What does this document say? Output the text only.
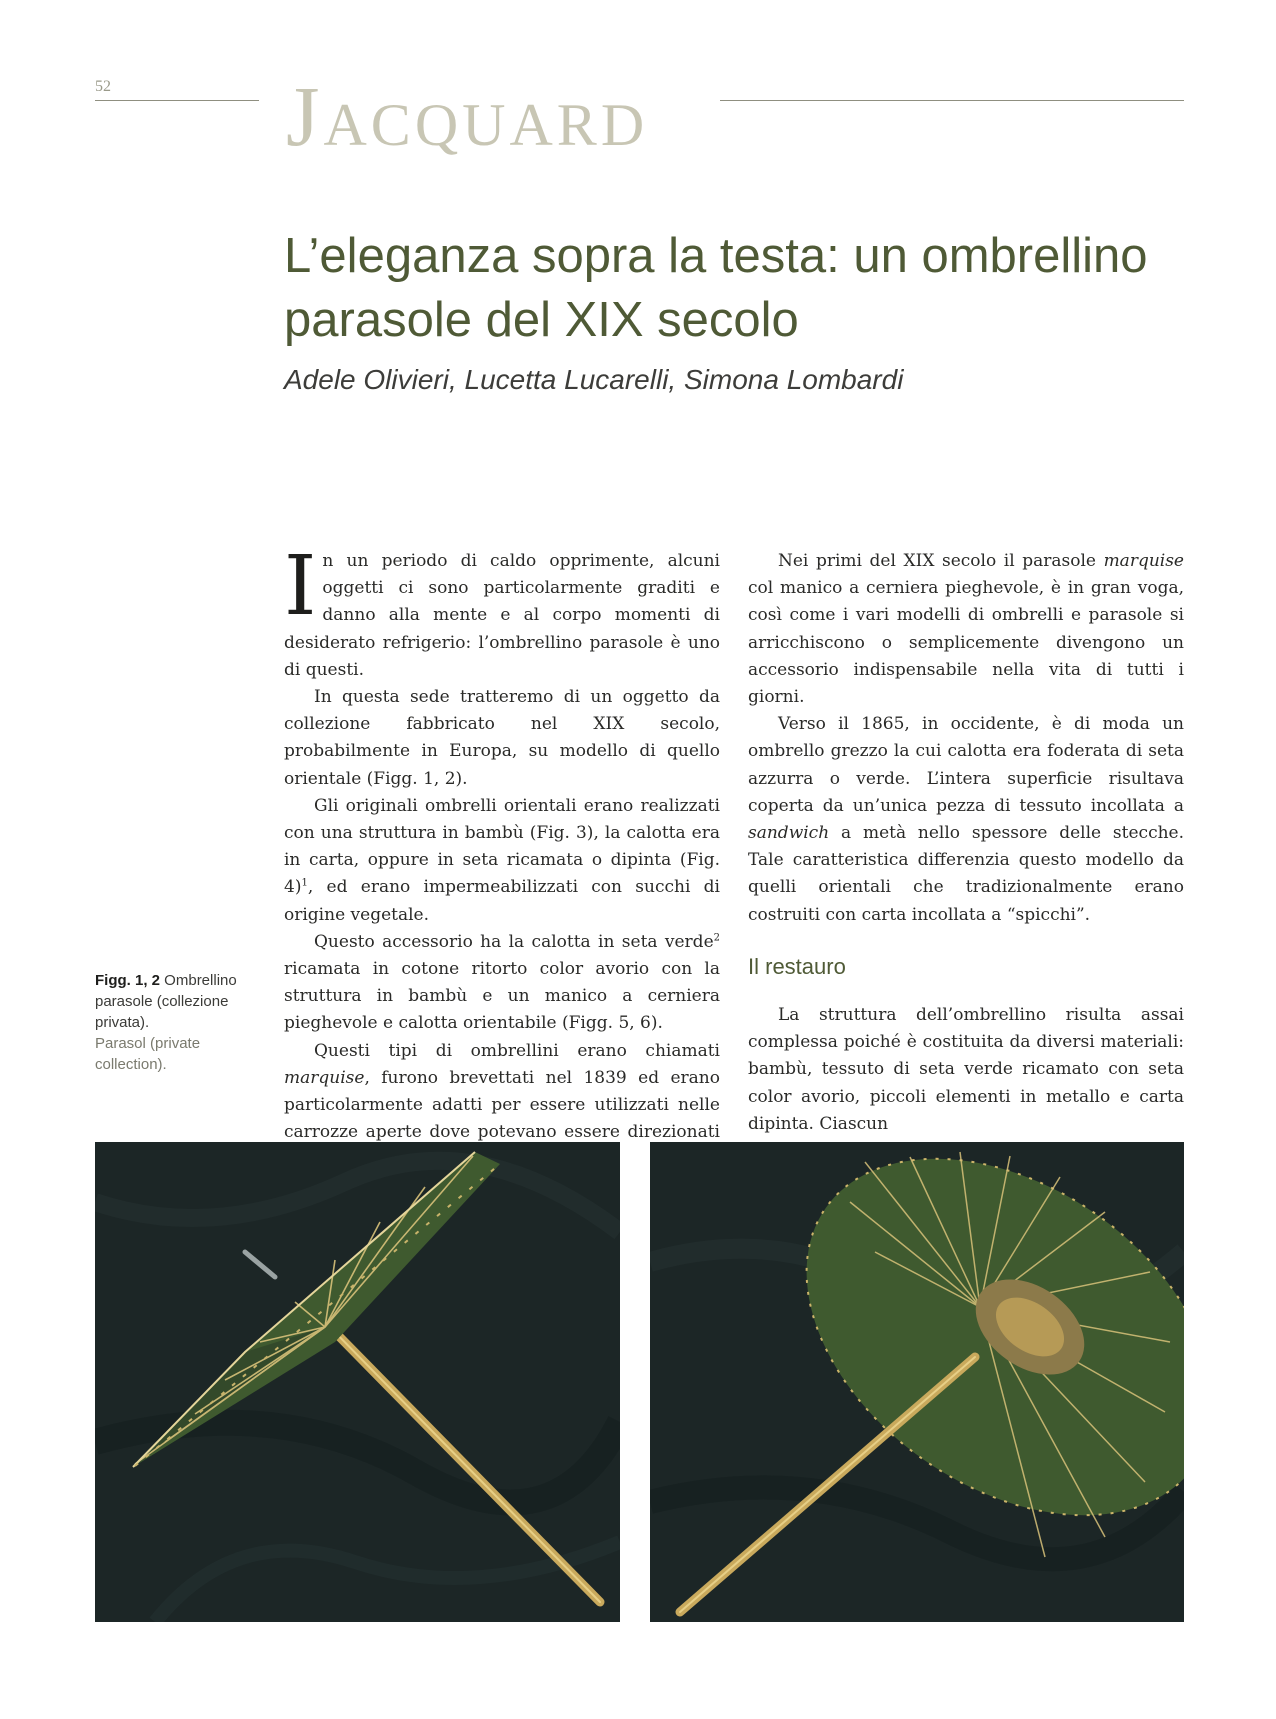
52 Jacquard
L’eleganza sopra la testa: un ombrellino parasole del XIX secolo

Adele Olivieri, Lucetta Lucarelli, Simona Lombardi

In un periodo di caldo opprimente, alcuni oggetti ci sono particolarmente graditi e danno alla mente e al corpo momenti di desiderato refrigerio: l’ombrellino parasole è uno di questi.

In questa sede tratteremo di un oggetto da collezione fabbricato nel XIX secolo, probabilmente in Europa, su modello di quello orientale (Figg. 1, 2).

Gli originali ombrelli orientali erano realizzati con una struttura in bambù (Fig. 3), la calotta era in carta, oppure in seta ricamata o dipinta (Fig. 4)$^1$, ed erano impermeabilizzati con succhi di origine vegetale.

Questo accessorio ha la calotta in seta verde$^2$ ricamata in cotone ritorto color avorio con la struttura in bambù e un manico a cerniera pieghevole e calotta orientabile (Figg. 5, 6).

Questi tipi di ombrellini erano chiamati marquise, furono brevettati nel 1839 ed erano particolarmente adatti per essere utilizzati nelle carrozze aperte dove potevano essere direzionati

Nei primi del XIX secolo il parasole marquise col manico a cerniera pieghevole, è in gran voga, così come i vari modelli di ombrelli e parasole si arricchiscono o semplicemente divengono un accessorio indispensabile nella vita di tutti i giorni.

Verso il 1865, in occidente, è di moda un ombrello grezzo la cui calotta era foderata di seta azzurra o verde. L’intera superficie risultava coperta da un’unica pezza di tessuto incollata a sandwich a metà nello spessore delle stecche. Tale caratteristica differenzia questo modello da quelli orientali che tradizionalmente erano costruiti con carta incollata a “spicchi”.

Il restauro

La struttura dell’ombrellino risulta assai complessa poiché è costituita da diversi materiali: bambù, tessuto di seta verde ricamato con seta color avorio, piccoli elementi in metallo e carta dipinta. Ciascun

Figg. 1, 2 Ombrellino parasole (collezione privata).
Parasol (private collection).
